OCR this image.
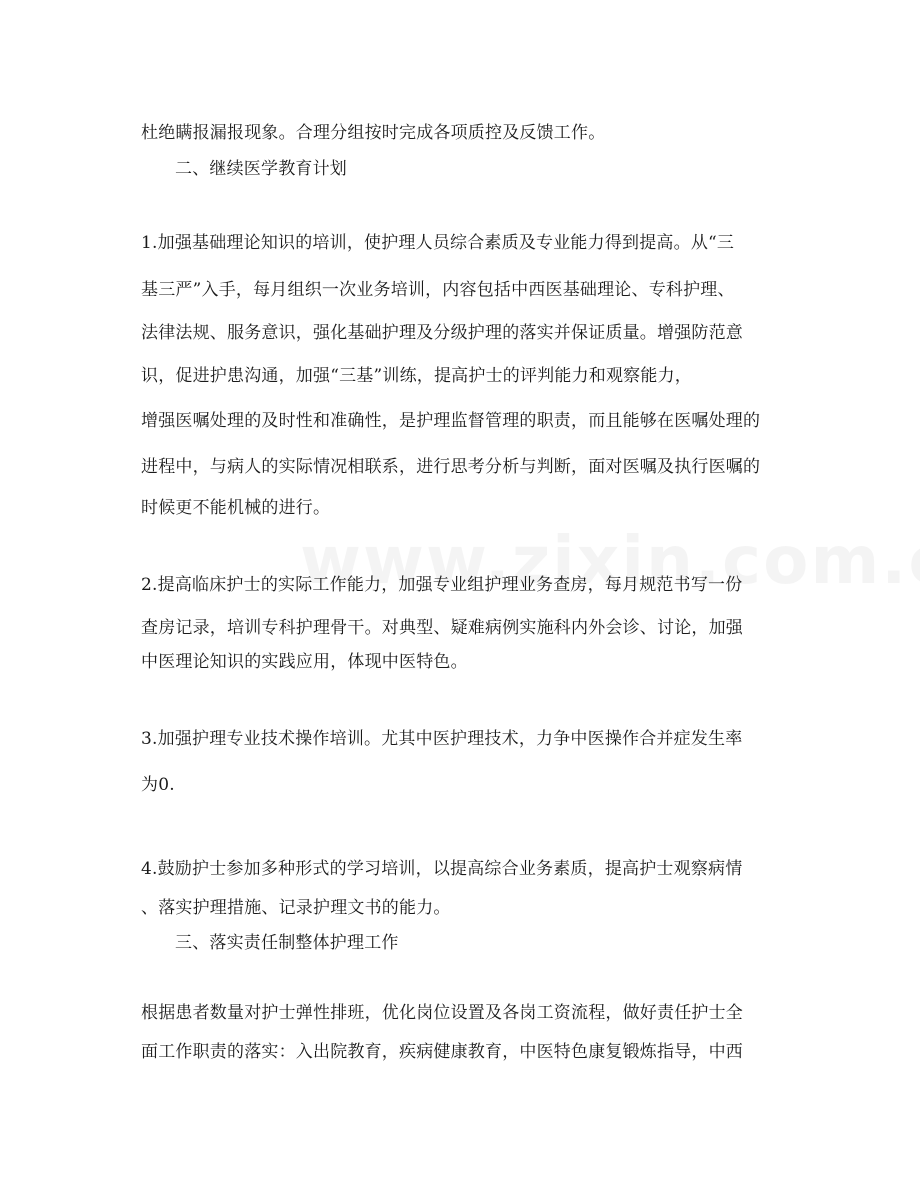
杜绝瞒报漏报现象。合理分组按时完成各项质控及反馈工作。
二、继续医学教育计划
1.加强基础理论知识的培训，使护理人员综合素质及专业能力得到提高。从“三
基三严”入手，每月组织一次业务培训，内容包括中西医基础理论、专科护理、
法律法规、服务意识，强化基础护理及分级护理的落实并保证质量。增强防范意
识，促进护患沟通，加强“三基”训练，提高护士的评判能力和观察能力，
增强医嘱处理的及时性和准确性，是护理监督管理的职责，而且能够在医嘱处理的
进程中，与病人的实际情况相联系，进行思考分析与判断，面对医嘱及执行医嘱的
时候更不能机械的进行。
2.提高临床护士的实际工作能力，加强专业组护理业务查房，每月规范书写一份
查房记录，培训专科护理骨干。对典型、疑难病例实施科内外会诊、讨论，加强
中医理论知识的实践应用，体现中医特色。
3.加强护理专业技术操作培训。尤其中医护理技术，力争中医操作合并症发生率
为0.
4.鼓励护士参加多种形式的学习培训，以提高综合业务素质，提高护士观察病情
、落实护理措施、记录护理文书的能力。
三、落实责任制整体护理工作
根据患者数量对护士弹性排班，优化岗位设置及各岗工资流程，做好责任护士全
面工作职责的落实：入出院教育，疾病健康教育，中医特色康复锻炼指导，中西
